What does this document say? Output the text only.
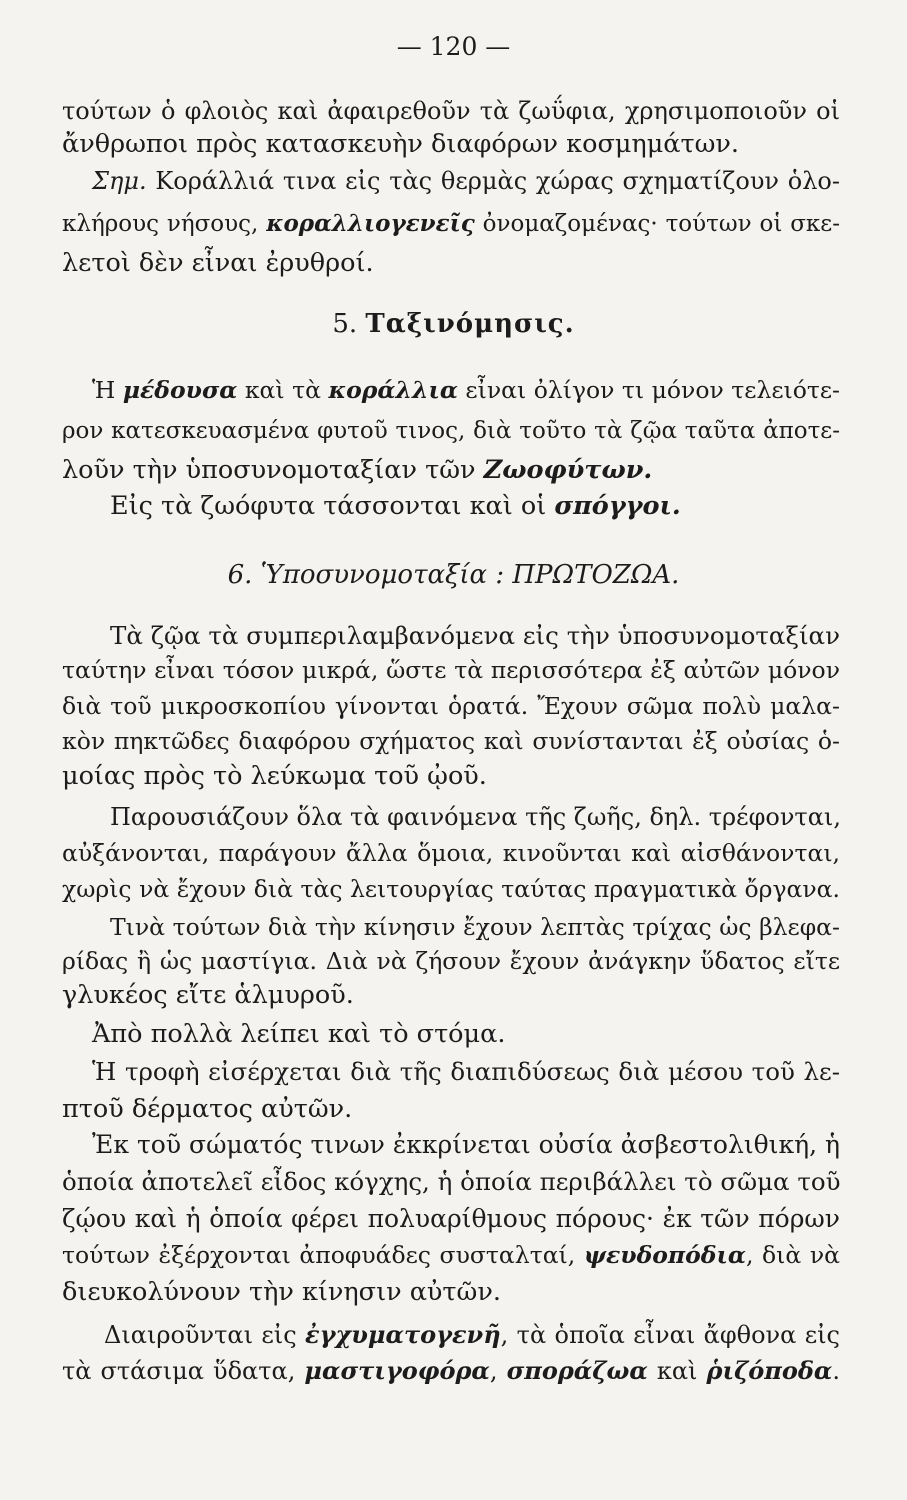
— 120 —
τούτων ὁ φλοιὸς καὶ ἀφαιρεθοῦν τὰ ζωΰφια, χρησιμοποιοῦν οἱ
ἄνθρωποι πρὸς κατασκευὴν διαφόρων κοσμημάτων.
Σημ. Κοράλλιά τινα εἰς τὰς θερμὰς χώρας σχηματίζουν ὁλο-
κλήρους νήσους, κοραλλιογενεῖς ὀνομαζομένας· τούτων οἱ σκε-
λετοὶ δὲν εἶναι ἐρυθροί.
5. Ταξινόμησις.
Ἡ μέδουσα καὶ τὰ κοράλλια εἶναι ὀλίγον τι μόνον τελειότε-
ρον κατεσκευασμένα φυτοῦ τινος, διὰ τοῦτο τὰ ζῷα ταῦτα ἀποτε-
λοῦν τὴν ὑποσυνομοταξίαν τῶν Ζωοφύτων.
Εἰς τὰ ζωόφυτα τάσσονται καὶ οἱ σπόγγοι.
6. Ὑποσυνομοταξία : ΠΡΩΤΟΖΩΑ.
Τὰ ζῷα τὰ συμπεριλαμβανόμενα εἰς τὴν ὑποσυνομοταξίαν
ταύτην εἶναι τόσον μικρά, ὥστε τὰ περισσότερα ἐξ αὐτῶν μόνον
διὰ τοῦ μικροσκοπίου γίνονται ὁρατά. Ἔχουν σῶμα πολὺ μαλα-
κὸν πηκτῶδες διαφόρου σχήματος καὶ συνίστανται ἐξ οὐσίας ὁ-
μοίας πρὸς τὸ λεύκωμα τοῦ ᾠοῦ.
Παρουσιάζουν ὅλα τὰ φαινόμενα τῆς ζωῆς, δηλ. τρέφονται,
αὐξάνονται, παράγουν ἄλλα ὅμοια, κινοῦνται καὶ αἰσθάνονται,
χωρὶς νὰ ἔχουν διὰ τὰς λειτουργίας ταύτας πραγματικὰ ὄργανα.
Τινὰ τούτων διὰ τὴν κίνησιν ἔχουν λεπτὰς τρίχας ὡς βλεφα-
ρίδας ἢ ὡς μαστίγια. Διὰ νὰ ζήσουν ἔχουν ἀνάγκην ὕδατος εἴτε
γλυκέος εἴτε ἁλμυροῦ.
Ἀπὸ πολλὰ λείπει καὶ τὸ στόμα.
Ἡ τροφὴ εἰσέρχεται διὰ τῆς διαπιδύσεως διὰ μέσου τοῦ λε-
πτοῦ δέρματος αὐτῶν.
Ἐκ τοῦ σώματός τινων ἐκκρίνεται οὐσία ἀσβεστολιθική, ἡ
ὁποία ἀποτελεῖ εἶδος κόγχης, ἡ ὁποία περιβάλλει τὸ σῶμα τοῦ
ζῴου καὶ ἡ ὁποία φέρει πολυαρίθμους πόρους· ἐκ τῶν πόρων
τούτων ἐξέρχονται ἀποφυάδες συσταλταί, ψευδοπόδια, διὰ νὰ
διευκολύνουν τὴν κίνησιν αὐτῶν.
Διαιροῦνται εἰς ἐγχυματογενῆ, τὰ ὁποῖα εἶναι ἄφθονα εἰς
τὰ στάσιμα ὕδατα, μαστιγοφόρα, σποράζωα καὶ ῥιζόποδα.
